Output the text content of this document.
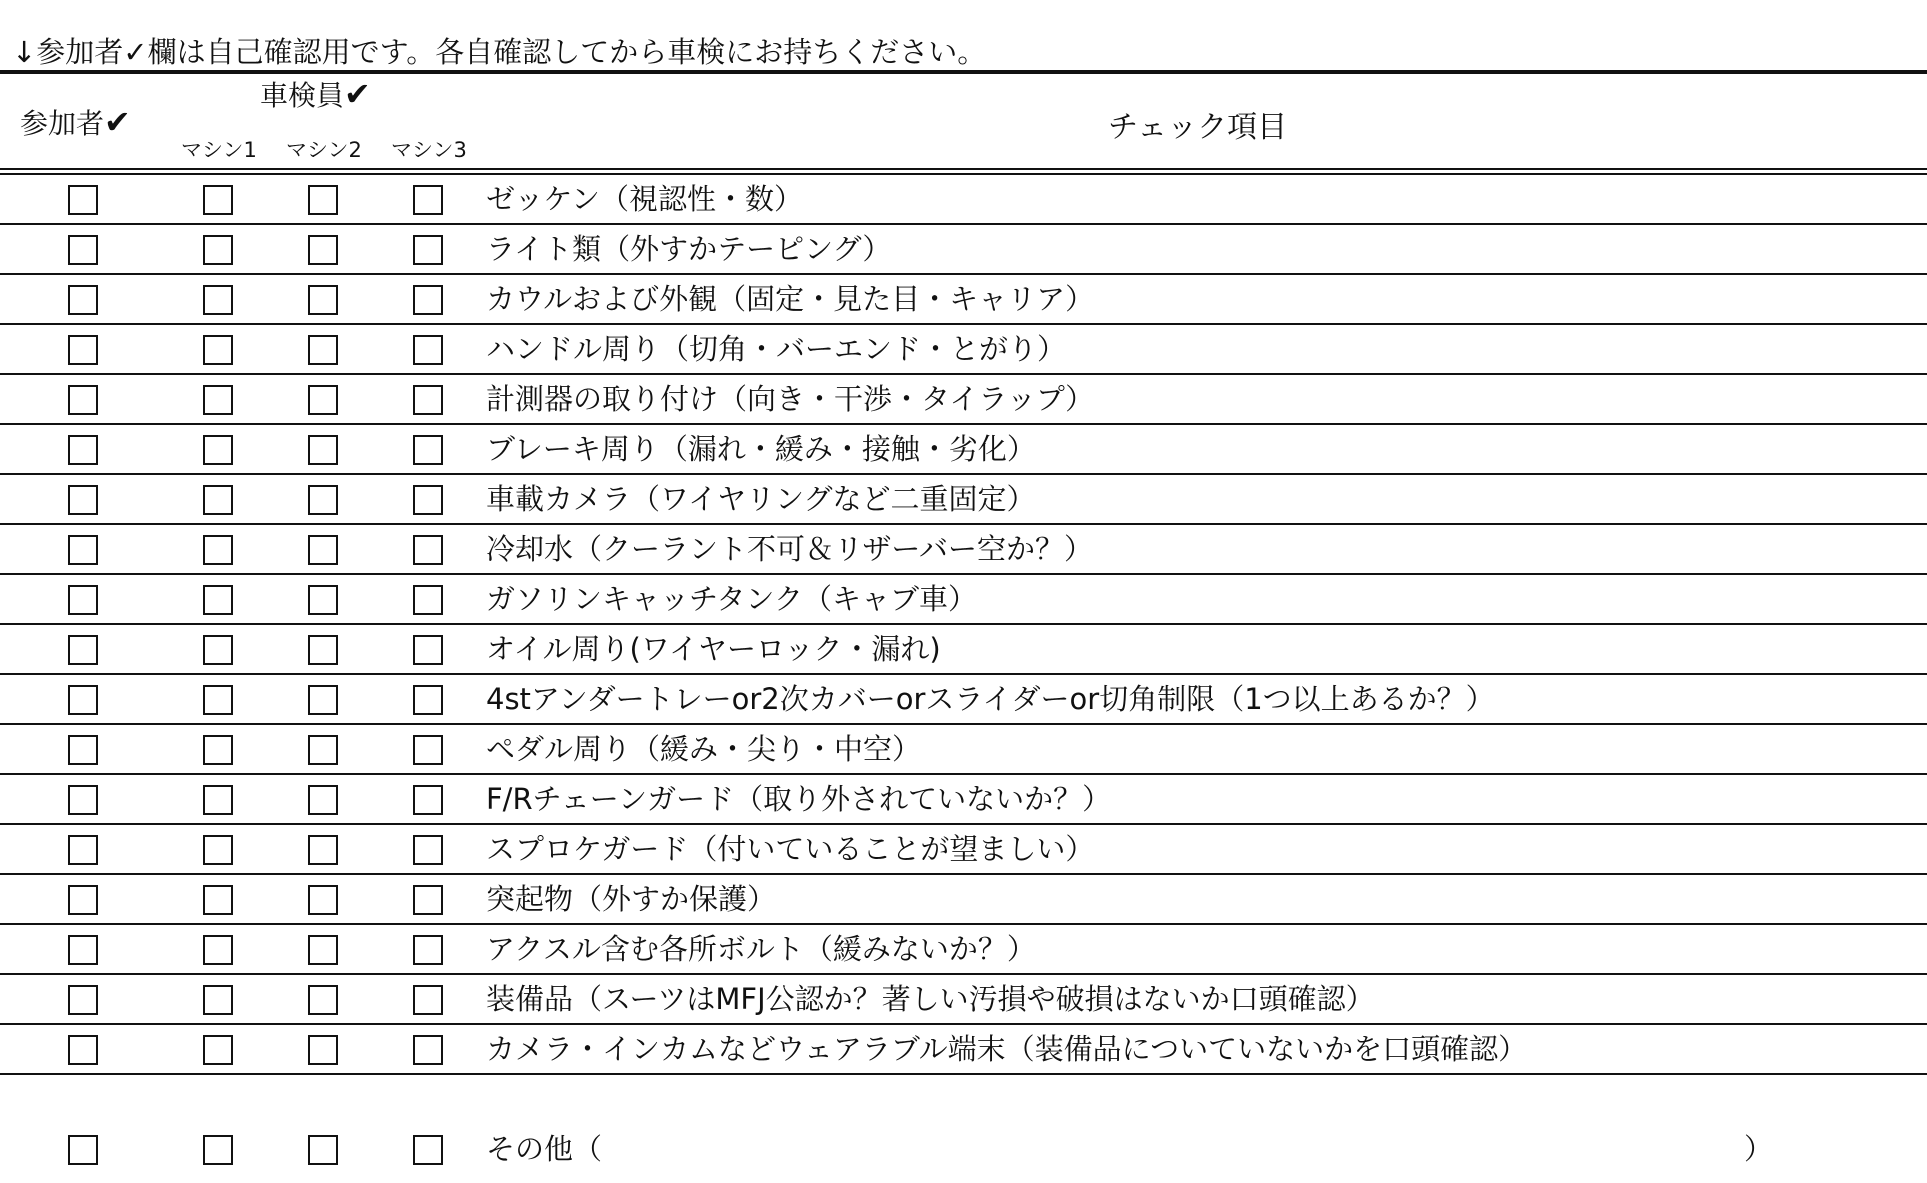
↓参加者✓欄は自己確認用です。各自確認してから車検にお持ちください。
参加者✔
車検員✔
マシン1 マシン2 マシン3
チェック項目
ゼッケン（視認性・数）
ライト類（外すかテーピング）
カウルおよび外観（固定・見た目・キャリア）
ハンドル周り（切角・バーエンド・とがり）
計測器の取り付け（向き・干渉・タイラップ）
ブレーキ周り（漏れ・緩み・接触・劣化）
車載カメラ（ワイヤリングなど二重固定）
冷却水（クーラント不可＆リザーバー空か？）
ガソリンキャッチタンク（キャブ車）
オイル周り(ワイヤーロック・漏れ)
4stアンダートレーor2次カバーorスライダーor切角制限（1つ以上あるか？）
ペダル周り（緩み・尖り・中空）
F/Rチェーンガード（取り外されていないか？）
スプロケガード（付いていることが望ましい）
突起物（外すか保護）
アクスル含む各所ボルト（緩みないか？）
装備品（スーツはMFJ公認か？著しい汚損や破損はないか口頭確認）
カメラ・インカムなどウェアラブル端末（装備品についていないかを口頭確認）
その他（	）
